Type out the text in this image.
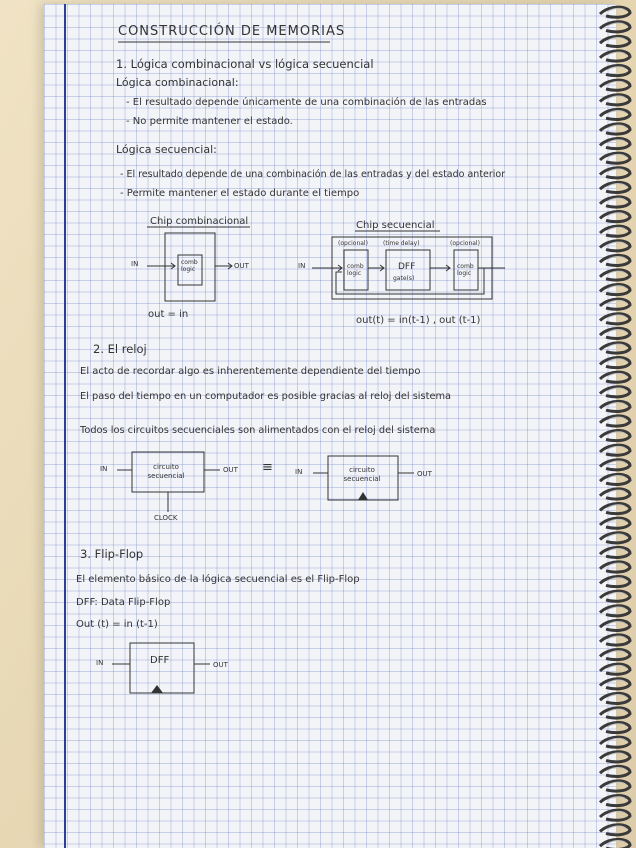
CONSTRUCCIÓN DE MEMORIAS
1. Lógica combinacional vs lógica secuencial
Lógica combinacional:
- El resultado depende únicamente de una combinación de las entradas
- No permite mantener el estado.
Lógica secuencial:
- El resultado depende de una combinación de las entradas y del estado anterior
- Permite mantener el estado durante el tiempo
Chip combinacional
IN	comb logic	OUT
out = in
Chip secuencial
IN
(opcional)
comb logic
(time delay)
DFF
gate(s)
(opcional)
comb logic
out(t) = in(t-1) , out (t-1)
2. El reloj
El acto de recordar algo es inherentemente dependiente del tiempo
El paso del tiempo en un computador es posible gracias al reloj del sistema
Todos los circuitos secuenciales son alimentados con el reloj del sistema
IN	circuito secuencial
OUT ≡	IN	circuito secuencial
OUT
CLOCK
3. Flip-Flop
El elemento básico de la lógica secuencial es el Flip-Flop
DFF: Data Flip-Flop
Out (t) = in (t-1)
IN	DFF	OUT
